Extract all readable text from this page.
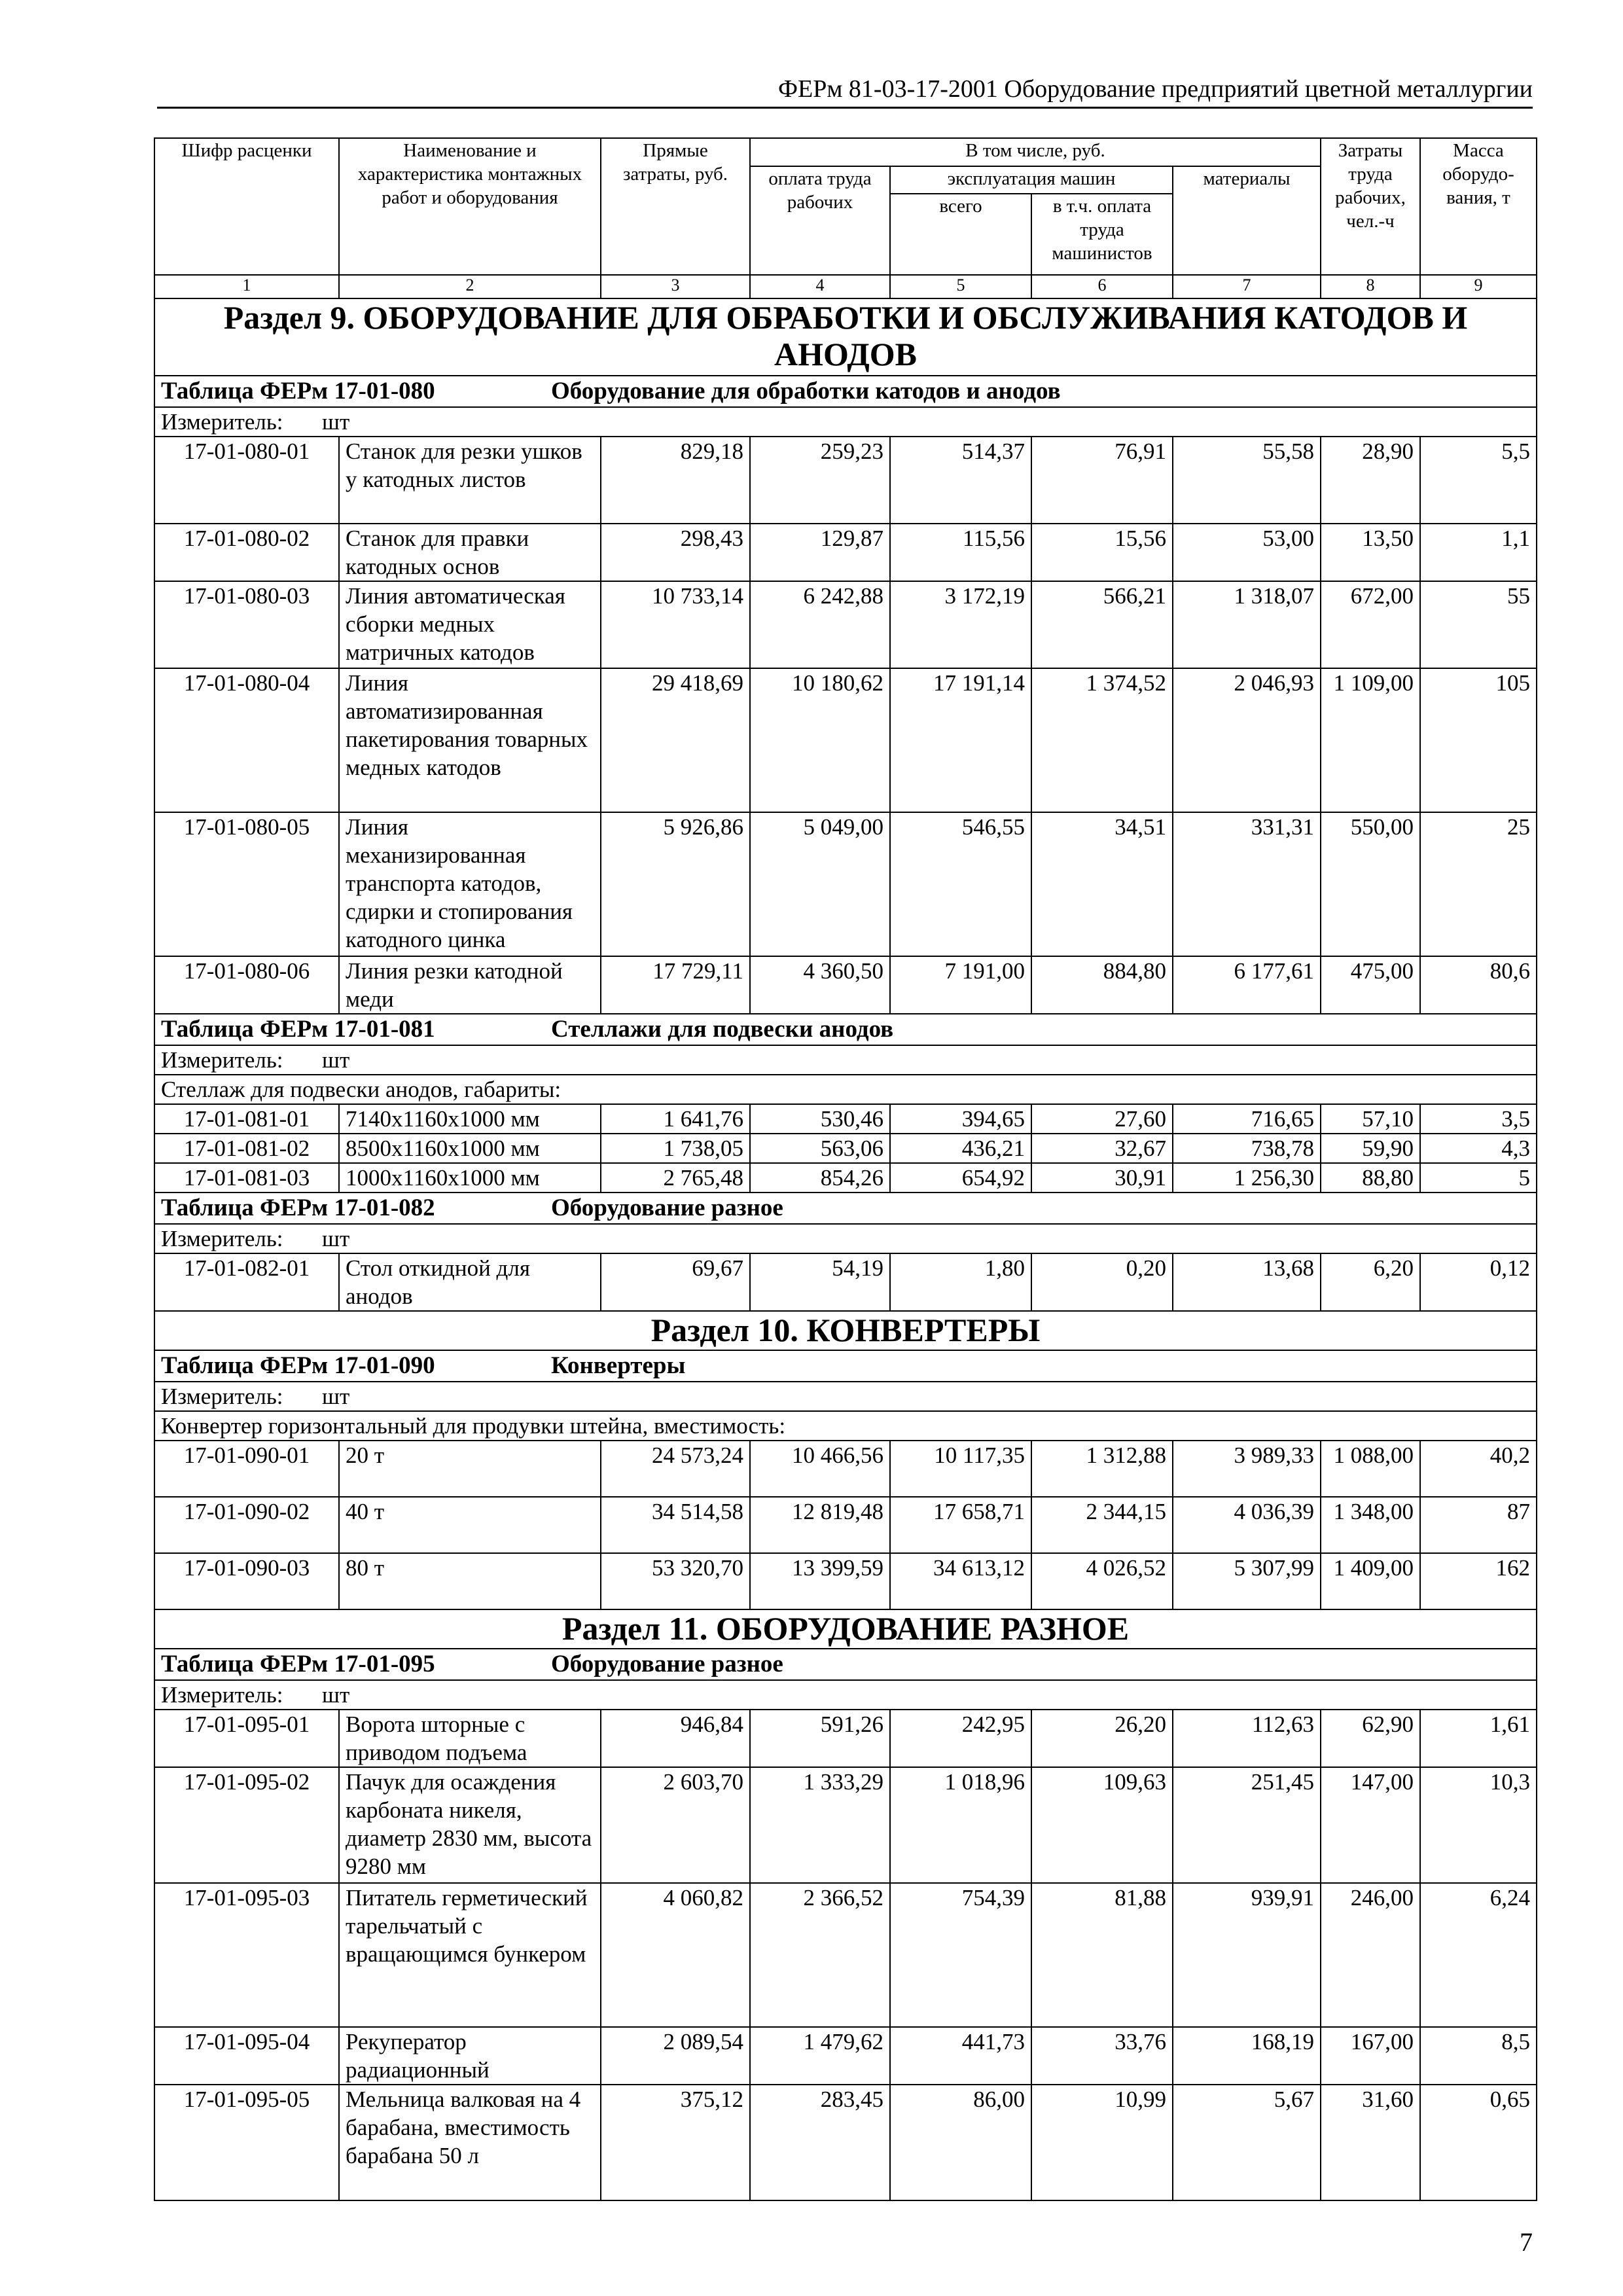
ФЕРм 81-03-17-2001 Оборудование предприятий цветной металлургии
Шифр расценки	Наименование и характеристика монтажных работ и оборудования	Прямые затраты, руб.	В том числе, руб.				Затраты труда рабочих, чел.-ч	Масса оборудо-вания, т
			оплата труда рабочих	эксплуатация машин		материалы		
				всего	в т.ч. оплата труда машинистов			
1	2	3	4	5	6	7	8	9
Раздел 9. ОБОРУДОВАНИЕ ДЛЯ ОБРАБОТКИ И ОБСЛУЖИВАНИЯ КАТОДОВ И АНОДОВ								
Таблица ФЕРм 17-01-080 Оборудование для обработки катодов и анодов								
Измеритель: шт								
17-01-080-01	Станок для резки ушков у катодных листов	829,18	259,23	514,37	76,91	55,58	28,90	5,5
17-01-080-02	Станок для правки катодных основ	298,43	129,87	115,56	15,56	53,00	13,50	1,1
17-01-080-03	Линия автоматическая сборки медных матричных катодов	10 733,14	6 242,88	3 172,19	566,21	1 318,07	672,00	55
17-01-080-04	Линия автоматизированная пакетирования товарных медных катодов	29 418,69	10 180,62	17 191,14	1 374,52	2 046,93	1 109,00	105
17-01-080-05	Линия механизированная транспорта катодов, сдирки и стопирования катодного цинка	5 926,86	5 049,00	546,55	34,51	331,31	550,00	25
17-01-080-06	Линия резки катодной меди	17 729,11	4 360,50	7 191,00	884,80	6 177,61	475,00	80,6
Таблица ФЕРм 17-01-081 Стеллажи для подвески анодов								
Измеритель: шт								
Стеллаж для подвески анодов, габариты:								
17-01-081-01	7140х1160х1000 мм	1 641,76	530,46	394,65	27,60	716,65	57,10	3,5
17-01-081-02	8500х1160х1000 мм	1 738,05	563,06	436,21	32,67	738,78	59,90	4,3
17-01-081-03	1000х1160х1000 мм	2 765,48	854,26	654,92	30,91	1 256,30	88,80	5
Таблица ФЕРм 17-01-082 Оборудование разное								
Измеритель: шт								
17-01-082-01	Стол откидной для анодов	69,67	54,19	1,80	0,20	13,68	6,20	0,12
Раздел 10. КОНВЕРТЕРЫ								
Таблица ФЕРм 17-01-090 Конвертеры								
Измеритель: шт								
Конвертер горизонтальный для продувки штейна, вместимость:								
17-01-090-01	20 т	24 573,24	10 466,56	10 117,35	1 312,88	3 989,33	1 088,00	40,2
17-01-090-02	40 т	34 514,58	12 819,48	17 658,71	2 344,15	4 036,39	1 348,00	87
17-01-090-03	80 т	53 320,70	13 399,59	34 613,12	4 026,52	5 307,99	1 409,00	162
Раздел 11. ОБОРУДОВАНИЕ РАЗНОЕ								
Таблица ФЕРм 17-01-095 Оборудование разное								
Измеритель: шт								
17-01-095-01	Ворота шторные с приводом подъема	946,84	591,26	242,95	26,20	112,63	62,90	1,61
17-01-095-02	Пачук для осаждения карбоната никеля, диаметр 2830 мм, высота 9280 мм	2 603,70	1 333,29	1 018,96	109,63	251,45	147,00	10,3
17-01-095-03	Питатель герметический тарельчатый с вращающимся бункером	4 060,82	2 366,52	754,39	81,88	939,91	246,00	6,24
17-01-095-04	Рекуператор радиационный	2 089,54	1 479,62	441,73	33,76	168,19	167,00	8,5
17-01-095-05	Мельница валковая на 4 барабана, вместимость барабана 50 л	375,12	283,45	86,00	10,99	5,67	31,60	0,65
7
